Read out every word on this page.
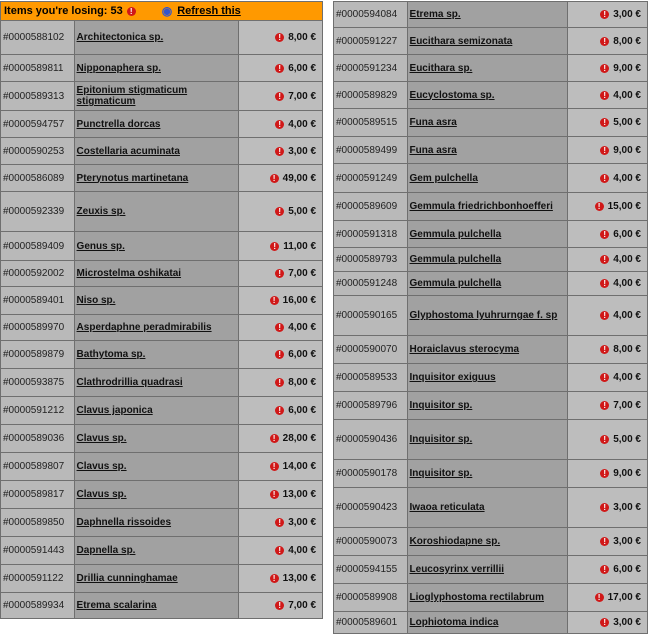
Items you're losing: 53 ! ◉ Refresh this
#0000588102	Architectonica sp.	! 8,00 €
#0000589811	Nipponaphera sp.	! 6,00 €
#0000589313	Epitonium stigmaticum stigmaticum	! 7,00 €
#0000594757	Punctrella dorcas	! 4,00 €
#0000590253	Costellaria acuminata	! 3,00 €
#0000586089	Pterynotus martinetana	! 49,00 €
#0000592339	Zeuxis sp.	! 5,00 €
#0000589409	Genus sp.	! 11,00 €
#0000592002	Microstelma oshikatai	! 7,00 €
#0000589401	Niso sp.	! 16,00 €
#0000589970	Asperdaphne peradmirabilis	! 4,00 €
#0000589879	Bathytoma sp.	! 6,00 €
#0000593875	Clathrodrillia quadrasi	! 8,00 €
#0000591212	Clavus japonica	! 6,00 €
#0000589036	Clavus sp.	! 28,00 €
#0000589807	Clavus sp.	! 14,00 €
#0000589817	Clavus sp.	! 13,00 €
#0000589850	Daphnella rissoides	! 3,00 €
#0000591443	Dapnella sp.	! 4,00 €
#0000591122	Drillia cunninghamae	! 13,00 €
#0000589934	Etrema scalarina	! 7,00 €
#0000594084	Etrema sp.	! 3,00 €
#0000591227	Eucithara semizonata	! 8,00 €
#0000591234	Eucithara sp.	! 9,00 €
#0000589829	Eucyclostoma sp.	! 4,00 €
#0000589515	Funa asra	! 5,00 €
#0000589499	Funa asra	! 9,00 €
#0000591249	Gem pulchella	! 4,00 €
#0000589609	Gemmula friedrichbonhoefferi	! 15,00 €
#0000591318	Gemmula pulchella	! 6,00 €
#0000589793	Gemmula pulchella	! 4,00 €
#0000591248	Gemmula pulchella	! 4,00 €
#0000590165	Glyphostoma lyuhrurngae f. sp	! 4,00 €
#0000590070	Horaiclavus sterocyma	! 8,00 €
#0000589533	Inquisitor exiguus	! 4,00 €
#0000589796	Inquisitor sp.	! 7,00 €
#0000590436	Inquisitor sp.	! 5,00 €
#0000590178	Inquisitor sp.	! 9,00 €
#0000590423	Iwaoa reticulata	! 3,00 €
#0000590073	Koroshiodapne sp.	! 3,00 €
#0000594155	Leucosyrinx verrillii	! 6,00 €
#0000589908	Lioglyphostoma rectilabrum	! 17,00 €
#0000589601	Lophiotoma indica	! 3,00 €
